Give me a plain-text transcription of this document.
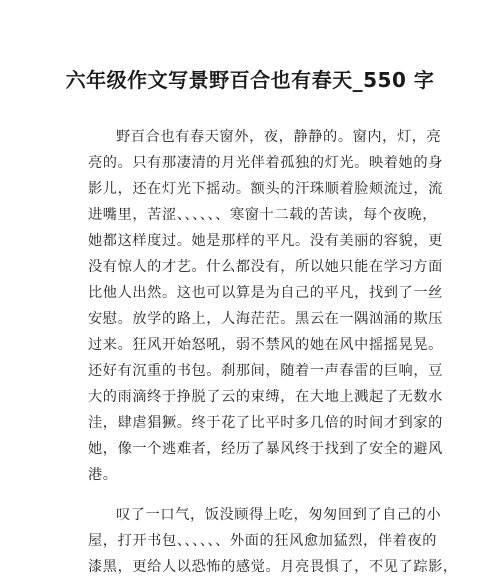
六年级作文写景野百合也有春天_550 字
野百合也有春天窗外，夜，静静的。窗内，灯，亮
亮的。只有那凄清的月光伴着孤独的灯光。映着她的身
影儿，还在灯光下摇动。额头的汗珠顺着脸颊流过，流
进嘴里，苦涩、、、、、、寒窗十二载的苦读，每个夜晚，
她都这样度过。她是那样的平凡。没有美丽的容貌，更
没有惊人的才艺。什么都没有，所以她只能在学习方面
比他人出然。这也可以算是为自己的平凡，找到了一丝
安慰。放学的路上，人海茫茫。黑云在一隅汹涌的欺压
过来。狂风开始怒吼，弱不禁风的她在风中摇摇晃晃。
还好有沉重的书包。刹那间，随着一声春雷的巨响，豆
大的雨滴终于挣脱了云的束缚，在大地上溅起了无数水
洼，肆虐猖獗。终于花了比平时多几倍的时间才到家的
她，像一个逃难者，经历了暴风终于找到了安全的避风
港。
叹了一口气，饭没顾得上吃，匆匆回到了自己的小
屋，打开书包、、、、、、外面的狂风愈加猛烈，伴着夜的
漆黑，更给人以恐怖的感觉。月亮畏惧了，不见了踪影，
